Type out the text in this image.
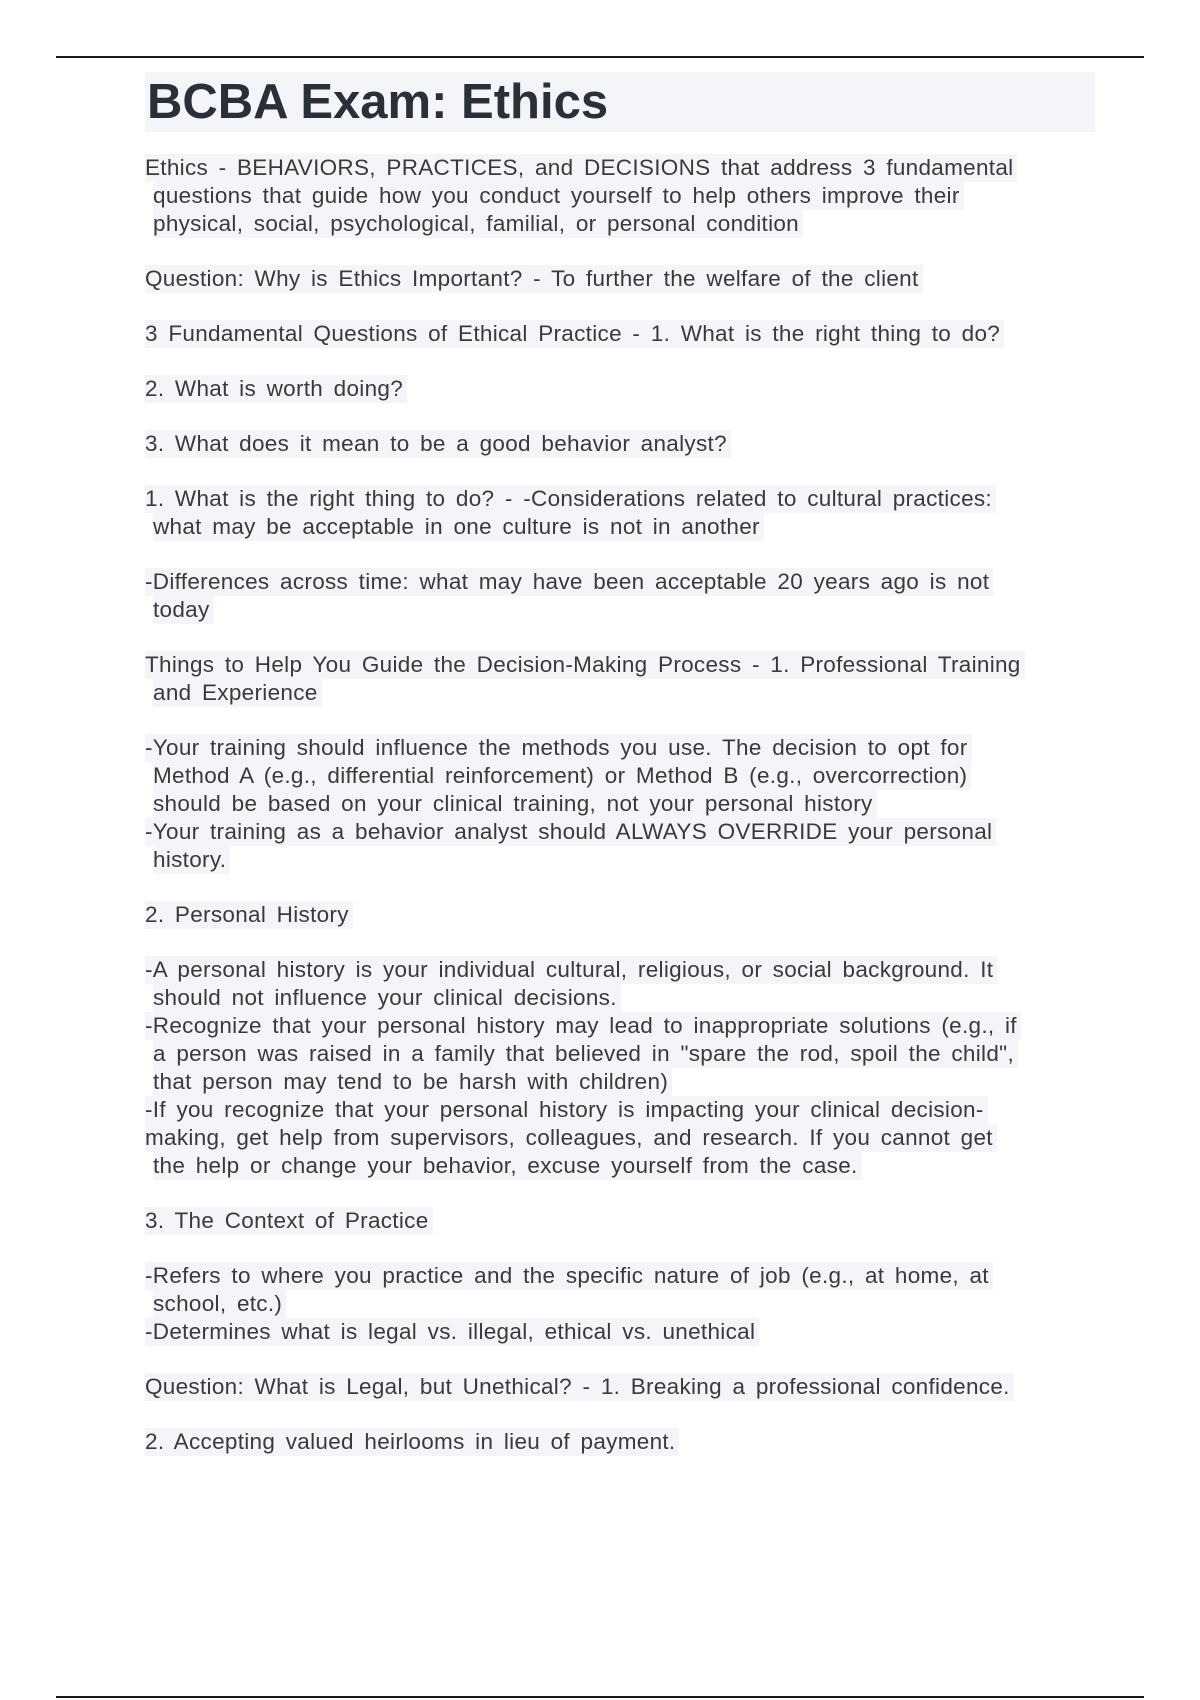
BCBA Exam: Ethics
Ethics - BEHAVIORS, PRACTICES, and DECISIONS that address 3 fundamental
questions that guide how you conduct yourself to help others improve their
physical, social, psychological, familial, or personal condition
Question: Why is Ethics Important? - To further the welfare of the client
3 Fundamental Questions of Ethical Practice - 1. What is the right thing to do?
2. What is worth doing?
3. What does it mean to be a good behavior analyst?
1. What is the right thing to do? - -Considerations related to cultural practices:
what may be acceptable in one culture is not in another
-Differences across time: what may have been acceptable 20 years ago is not
today
Things to Help You Guide the Decision-Making Process - 1. Professional Training
and Experience
-Your training should influence the methods you use. The decision to opt for
Method A (e.g., differential reinforcement) or Method B (e.g., overcorrection)
should be based on your clinical training, not your personal history
-Your training as a behavior analyst should ALWAYS OVERRIDE your personal
history.
2. Personal History
-A personal history is your individual cultural, religious, or social background. It
should not influence your clinical decisions.
-Recognize that your personal history may lead to inappropriate solutions (e.g., if
a person was raised in a family that believed in "spare the rod, spoil the child",
that person may tend to be harsh with children)
-If you recognize that your personal history is impacting your clinical decision-
making, get help from supervisors, colleagues, and research. If you cannot get
the help or change your behavior, excuse yourself from the case.
3. The Context of Practice
-Refers to where you practice and the specific nature of job (e.g., at home, at
school, etc.)
-Determines what is legal vs. illegal, ethical vs. unethical
Question: What is Legal, but Unethical? - 1. Breaking a professional confidence.
2. Accepting valued heirlooms in lieu of payment.
